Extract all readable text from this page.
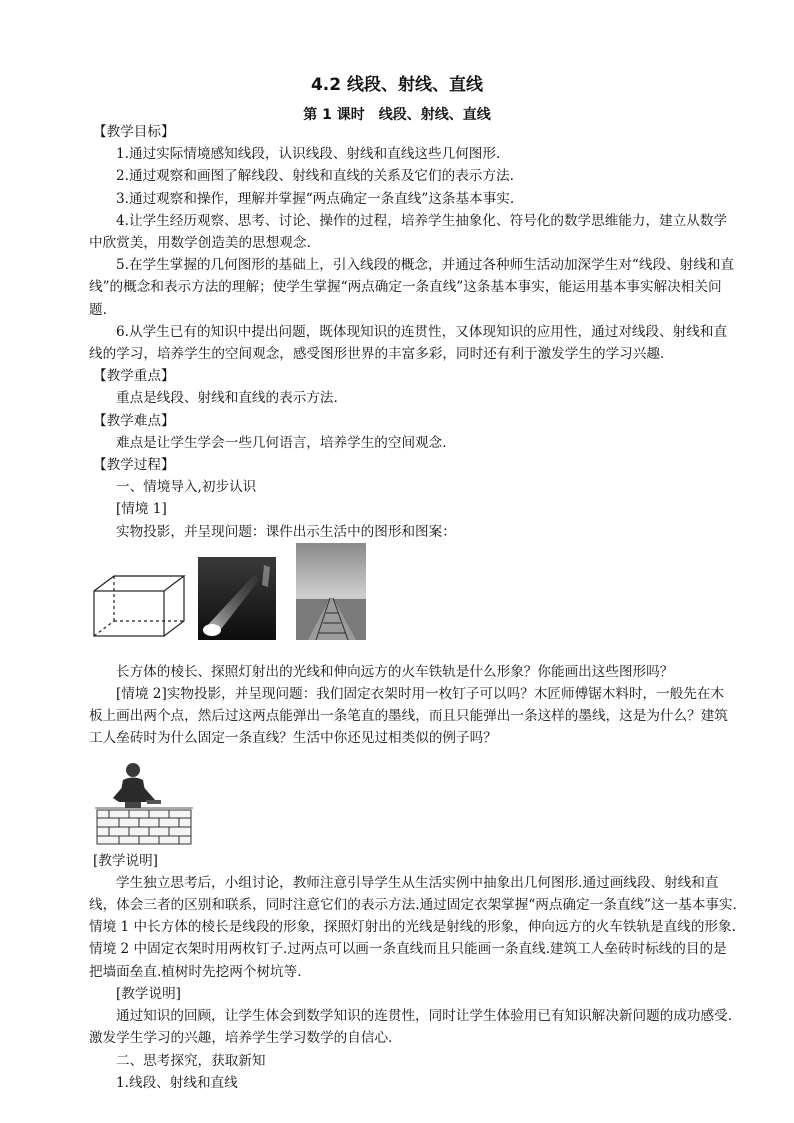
4.2 线段、射线、直线
第 1 课时　线段、射线、直线

【教学目标】

1.通过实际情境感知线段，认识线段、射线和直线这些几何图形.

2.通过观察和画图了解线段、射线和直线的关系及它们的表示方法.

3.通过观察和操作，理解并掌握“两点确定一条直线”这条基本事实.

4.让学生经历观察、思考、讨论、操作的过程，培养学生抽象化、符号化的数学思维能力，建立从数学中欣赏美，用数学创造美的思想观念.

5.在学生掌握的几何图形的基础上，引入线段的概念，并通过各种师生活动加深学生对“线段、射线和直线”的概念和表示方法的理解；使学生掌握“两点确定一条直线”这条基本事实，能运用基本事实解决相关问题.

6.从学生已有的知识中提出问题，既体现知识的连贯性，又体现知识的应用性，通过对线段、射线和直线的学习，培养学生的空间观念，感受图形世界的丰富多彩，同时还有利于激发学生的学习兴趣.

【教学重点】

重点是线段、射线和直线的表示方法.

【教学难点】

难点是让学生学会一些几何语言，培养学生的空间观念.

【教学过程】

一、情境导入,初步认识

[情境 1]

实物投影，并呈现问题：课件出示生活中的图形和图案：

长方体的棱长、探照灯射出的光线和伸向远方的火车铁轨是什么形象？你能画出这些图形吗？

[情境 2]实物投影，并呈现问题：我们固定衣架时用一枚钉子可以吗？木匠师傅锯木料时，一般先在木板上画出两个点，然后过这两点能弹出一条笔直的墨线，而且只能弹出一条这样的墨线，这是为什么？建筑工人垒砖时为什么固定一条直线？生活中你还见过相类似的例子吗？

[教学说明]

学生独立思考后，小组讨论，教师注意引导学生从生活实例中抽象出几何图形.通过画线段、射线和直线，体会三者的区别和联系，同时注意它们的表示方法.通过固定衣架掌握“两点确定一条直线”这一基本事实.情境 1 中长方体的棱长是线段的形象，探照灯射出的光线是射线的形象，伸向远方的火车铁轨是直线的形象.情境 2 中固定衣架时用两枚钉子.过两点可以画一条直线而且只能画一条直线.建筑工人垒砖时标线的目的是把墙面垒直.植树时先挖两个树坑等.

[教学说明]

通过知识的回顾，让学生体会到数学知识的连贯性，同时让学生体验用已有知识解决新问题的成功感受.激发学生学习的兴趣，培养学生学习数学的自信心.

二、思考探究，获取新知

1.线段、射线和直线
